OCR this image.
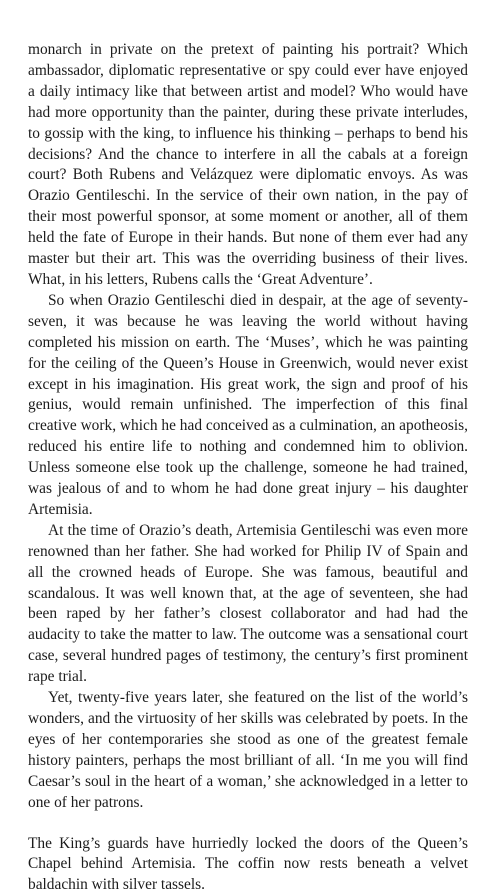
monarch in private on the pretext of painting his portrait? Which ambassador, diplomatic representative or spy could ever have enjoyed a daily intimacy like that between artist and model? Who would have had more opportunity than the painter, during these private interludes, to gossip with the king, to influence his thinking – perhaps to bend his decisions? And the chance to interfere in all the cabals at a foreign court? Both Rubens and Velázquez were diplomatic envoys. As was Orazio Gentileschi. In the service of their own nation, in the pay of their most powerful sponsor, at some moment or another, all of them held the fate of Europe in their hands. But none of them ever had any master but their art. This was the overriding business of their lives. What, in his letters, Rubens calls the ‘Great Adventure’.

So when Orazio Gentileschi died in despair, at the age of seventy-seven, it was because he was leaving the world without having completed his mission on earth. The ‘Muses’, which he was painting for the ceiling of the Queen’s House in Greenwich, would never exist except in his imagination. His great work, the sign and proof of his genius, would remain unfinished. The imperfection of this final creative work, which he had conceived as a culmination, an apotheosis, reduced his entire life to nothing and condemned him to oblivion. Unless someone else took up the challenge, someone he had trained, was jealous of and to whom he had done great injury – his daughter Artemisia.

At the time of Orazio’s death, Artemisia Gentileschi was even more renowned than her father. She had worked for Philip IV of Spain and all the crowned heads of Europe. She was famous, beautiful and scandalous. It was well known that, at the age of seventeen, she had been raped by her father’s closest collaborator and had had the audacity to take the matter to law. The outcome was a sensational court case, several hundred pages of testimony, the century’s first prominent rape trial.

Yet, twenty-five years later, she featured on the list of the world’s wonders, and the virtuosity of her skills was celebrated by poets. In the eyes of her contemporaries she stood as one of the greatest female history painters, perhaps the most brilliant of all. ‘In me you will find Caesar’s soul in the heart of a woman,’ she acknowledged in a letter to one of her patrons.

The King’s guards have hurriedly locked the doors of the Queen’s Chapel behind Artemisia. The coffin now rests beneath a velvet baldachin with silver tassels.
